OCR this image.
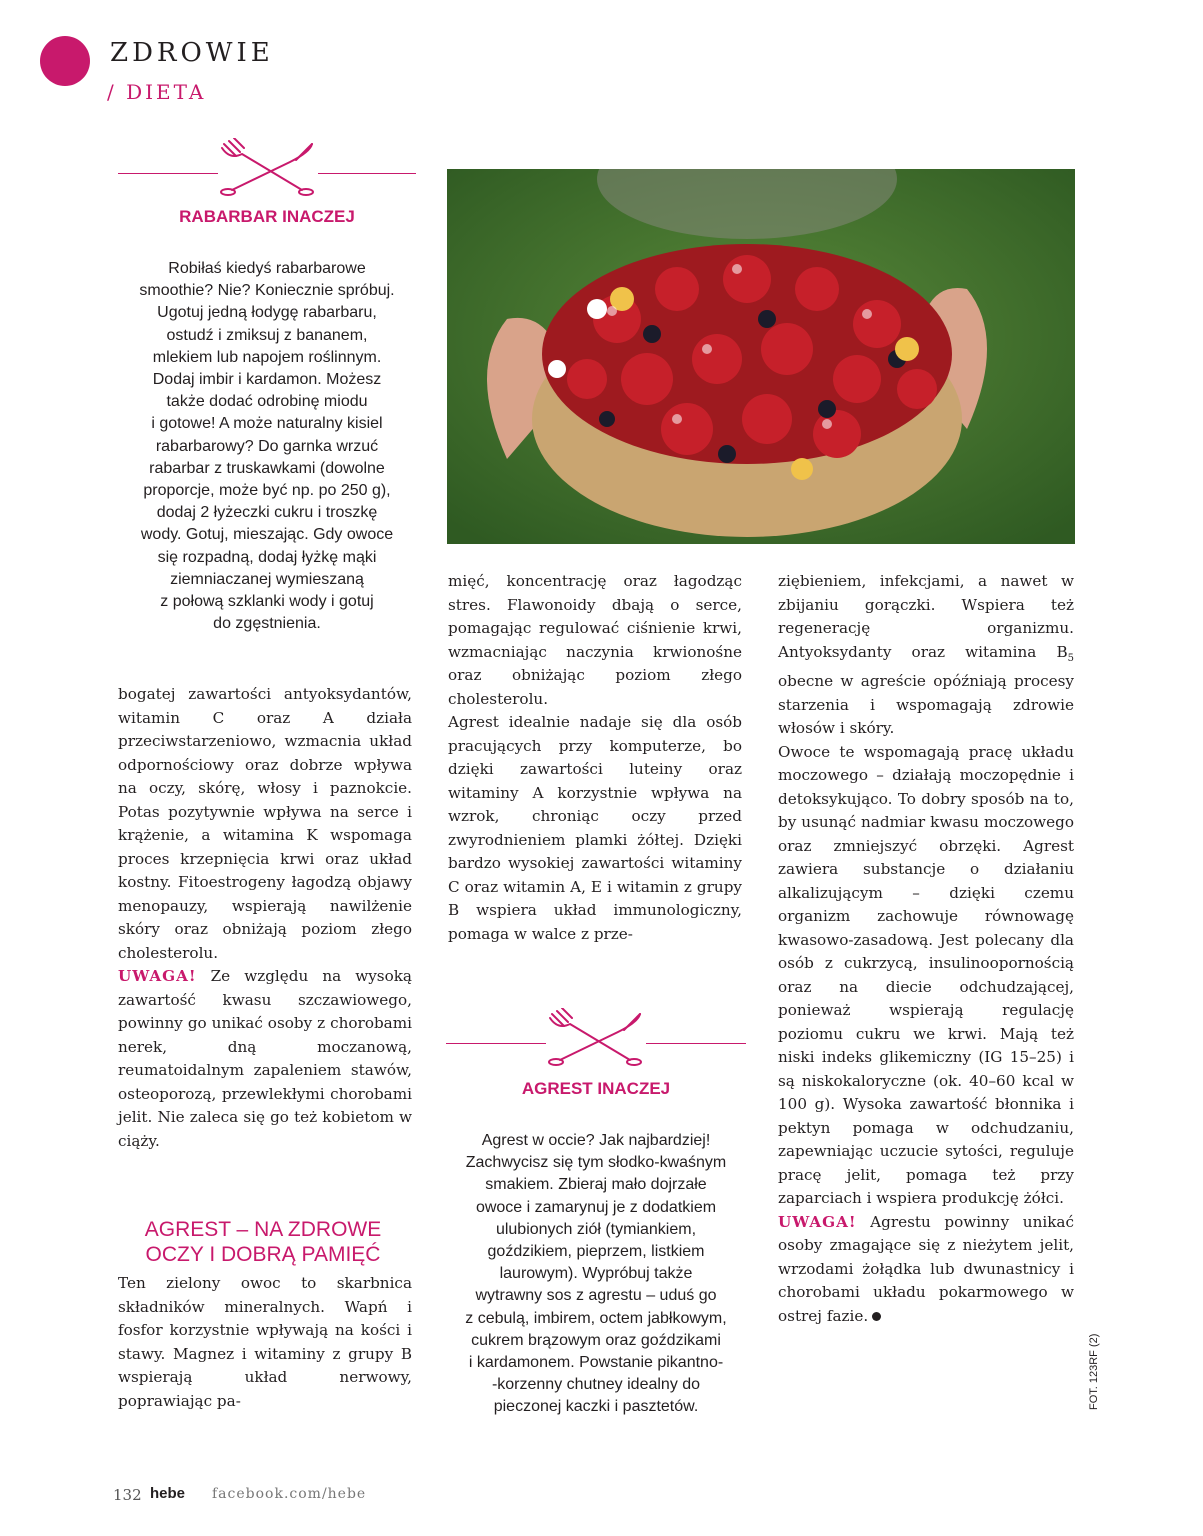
ZDROWIE
/ DIETA
RABARBAR INACZEJ
Robiłaś kiedyś rabarbarowe
smoothie? Nie? Koniecznie spróbuj.
Ugotuj jedną łodygę rabarbaru,
ostudź i zmiksuj z bananem,
mlekiem lub napojem roślinnym.
Dodaj imbir i kardamon. Możesz
także dodać odrobinę miodu
i gotowe! A może naturalny kisiel
rabarbarowy? Do garnka wrzuć
rabarbar z truskawkami (dowolne
proporcje, może być np. po 250 g),
dodaj 2 łyżeczki cukru i troszkę
wody. Gotuj, mieszając. Gdy owoce
się rozpadną, dodaj łyżkę mąki
ziemniaczanej wymieszaną
z połową szklanki wody i gotuj
do zgęstnienia.

bogatej zawartości antyoksydantów, witamin C oraz A działa przeciwstarzeniowo, wzmacnia układ odpornościowy oraz dobrze wpływa na oczy, skórę, włosy i paznokcie. Potas pozytywnie wpływa na serce i krążenie, a witamina K wspomaga proces krzepnięcia krwi oraz układ kostny. Fitoestrogeny łagodzą objawy menopauzy, wspierają nawilżenie skóry oraz obniżają poziom złego cholesterolu.

UWAGA! Ze względu na wysoką zawartość kwasu szczawiowego, powinny go unikać osoby z chorobami nerek, dną moczanową, reumatoidalnym zapaleniem stawów, osteoporozą, przewlekłymi chorobami jelit. Nie zaleca się go też kobietom w ciąży.

AGREST – NA ZDROWE OCZY I DOBRĄ PAMIĘĆ

Ten zielony owoc to skarbnica składników mineralnych. Wapń i fosfor korzystnie wpływają na kości i stawy. Magnez i witaminy z grupy B wspierają układ nerwowy, poprawiając pa-

mięć, koncentrację oraz łagodząc stres. Flawonoidy dbają o serce, pomagając regulować ciśnienie krwi, wzmacniając naczynia krwionośne oraz obniżając poziom złego cholesterolu.

Agrest idealnie nadaje się dla osób pracujących przy komputerze, bo dzięki zawartości luteiny oraz witaminy A korzystnie wpływa na wzrok, chroniąc oczy przed zwyrodnieniem plamki żółtej. Dzięki bardzo wysokiej zawartości witaminy C oraz witamin A, E i witamin z grupy B wspiera układ immunologiczny, pomaga w walce z prze-

AGREST INACZEJ
Agrest w occie? Jak najbardziej!
Zachwycisz się tym słodko-kwaśnym
smakiem. Zbieraj mało dojrzałe
owoce i zamarynuj je z dodatkiem
ulubionych ziół (tymiankiem,
goździkiem, pieprzem, listkiem
laurowym). Wypróbuj także
wytrawny sos z agrestu – uduś go
z cebulą, imbirem, octem jabłkowym,
cukrem brązowym oraz goździkami
i kardamonem. Powstanie pikantno-
-korzenny chutney idealny do
pieczonej kaczki i pasztetów.

ziębieniem, infekcjami, a nawet w zbijaniu gorączki. Wspiera też regenerację organizmu. Antyoksydanty oraz witamina $B_5$ obecne w agreście opóźniają procesy starzenia i wspomagają zdrowie włosów i skóry.

Owoce te wspomagają pracę układu moczowego – działają moczopędnie i detoksykująco. To dobry sposób na to, by usunąć nadmiar kwasu moczowego oraz zmniejszyć obrzęki. Agrest zawiera substancje o działaniu alkalizującym – dzięki czemu organizm zachowuje równowagę kwasowo-zasadową. Jest polecany dla osób z cukrzycą, insulinoopornością oraz na diecie odchudzającej, ponieważ wspierają regulację poziomu cukru we krwi. Mają też niski indeks glikemiczny (IG 15–25) i są niskokaloryczne (ok. 40–60 kcal w 100 g). Wysoka zawartość błonnika i pektyn pomaga w odchudzaniu, zapewniając uczucie sytości, reguluje pracę jelit, pomaga też przy zaparciach i wspiera produkcję żółci.

UWAGA! Agrestu powinny unikać osoby zmagające się z nieżytem jelit, wrzodami żołądka lub dwunastnicy i chorobami układu pokarmowego w ostrej fazie.

FOT. 123RF (2)
132 hebe facebook.com/hebe
